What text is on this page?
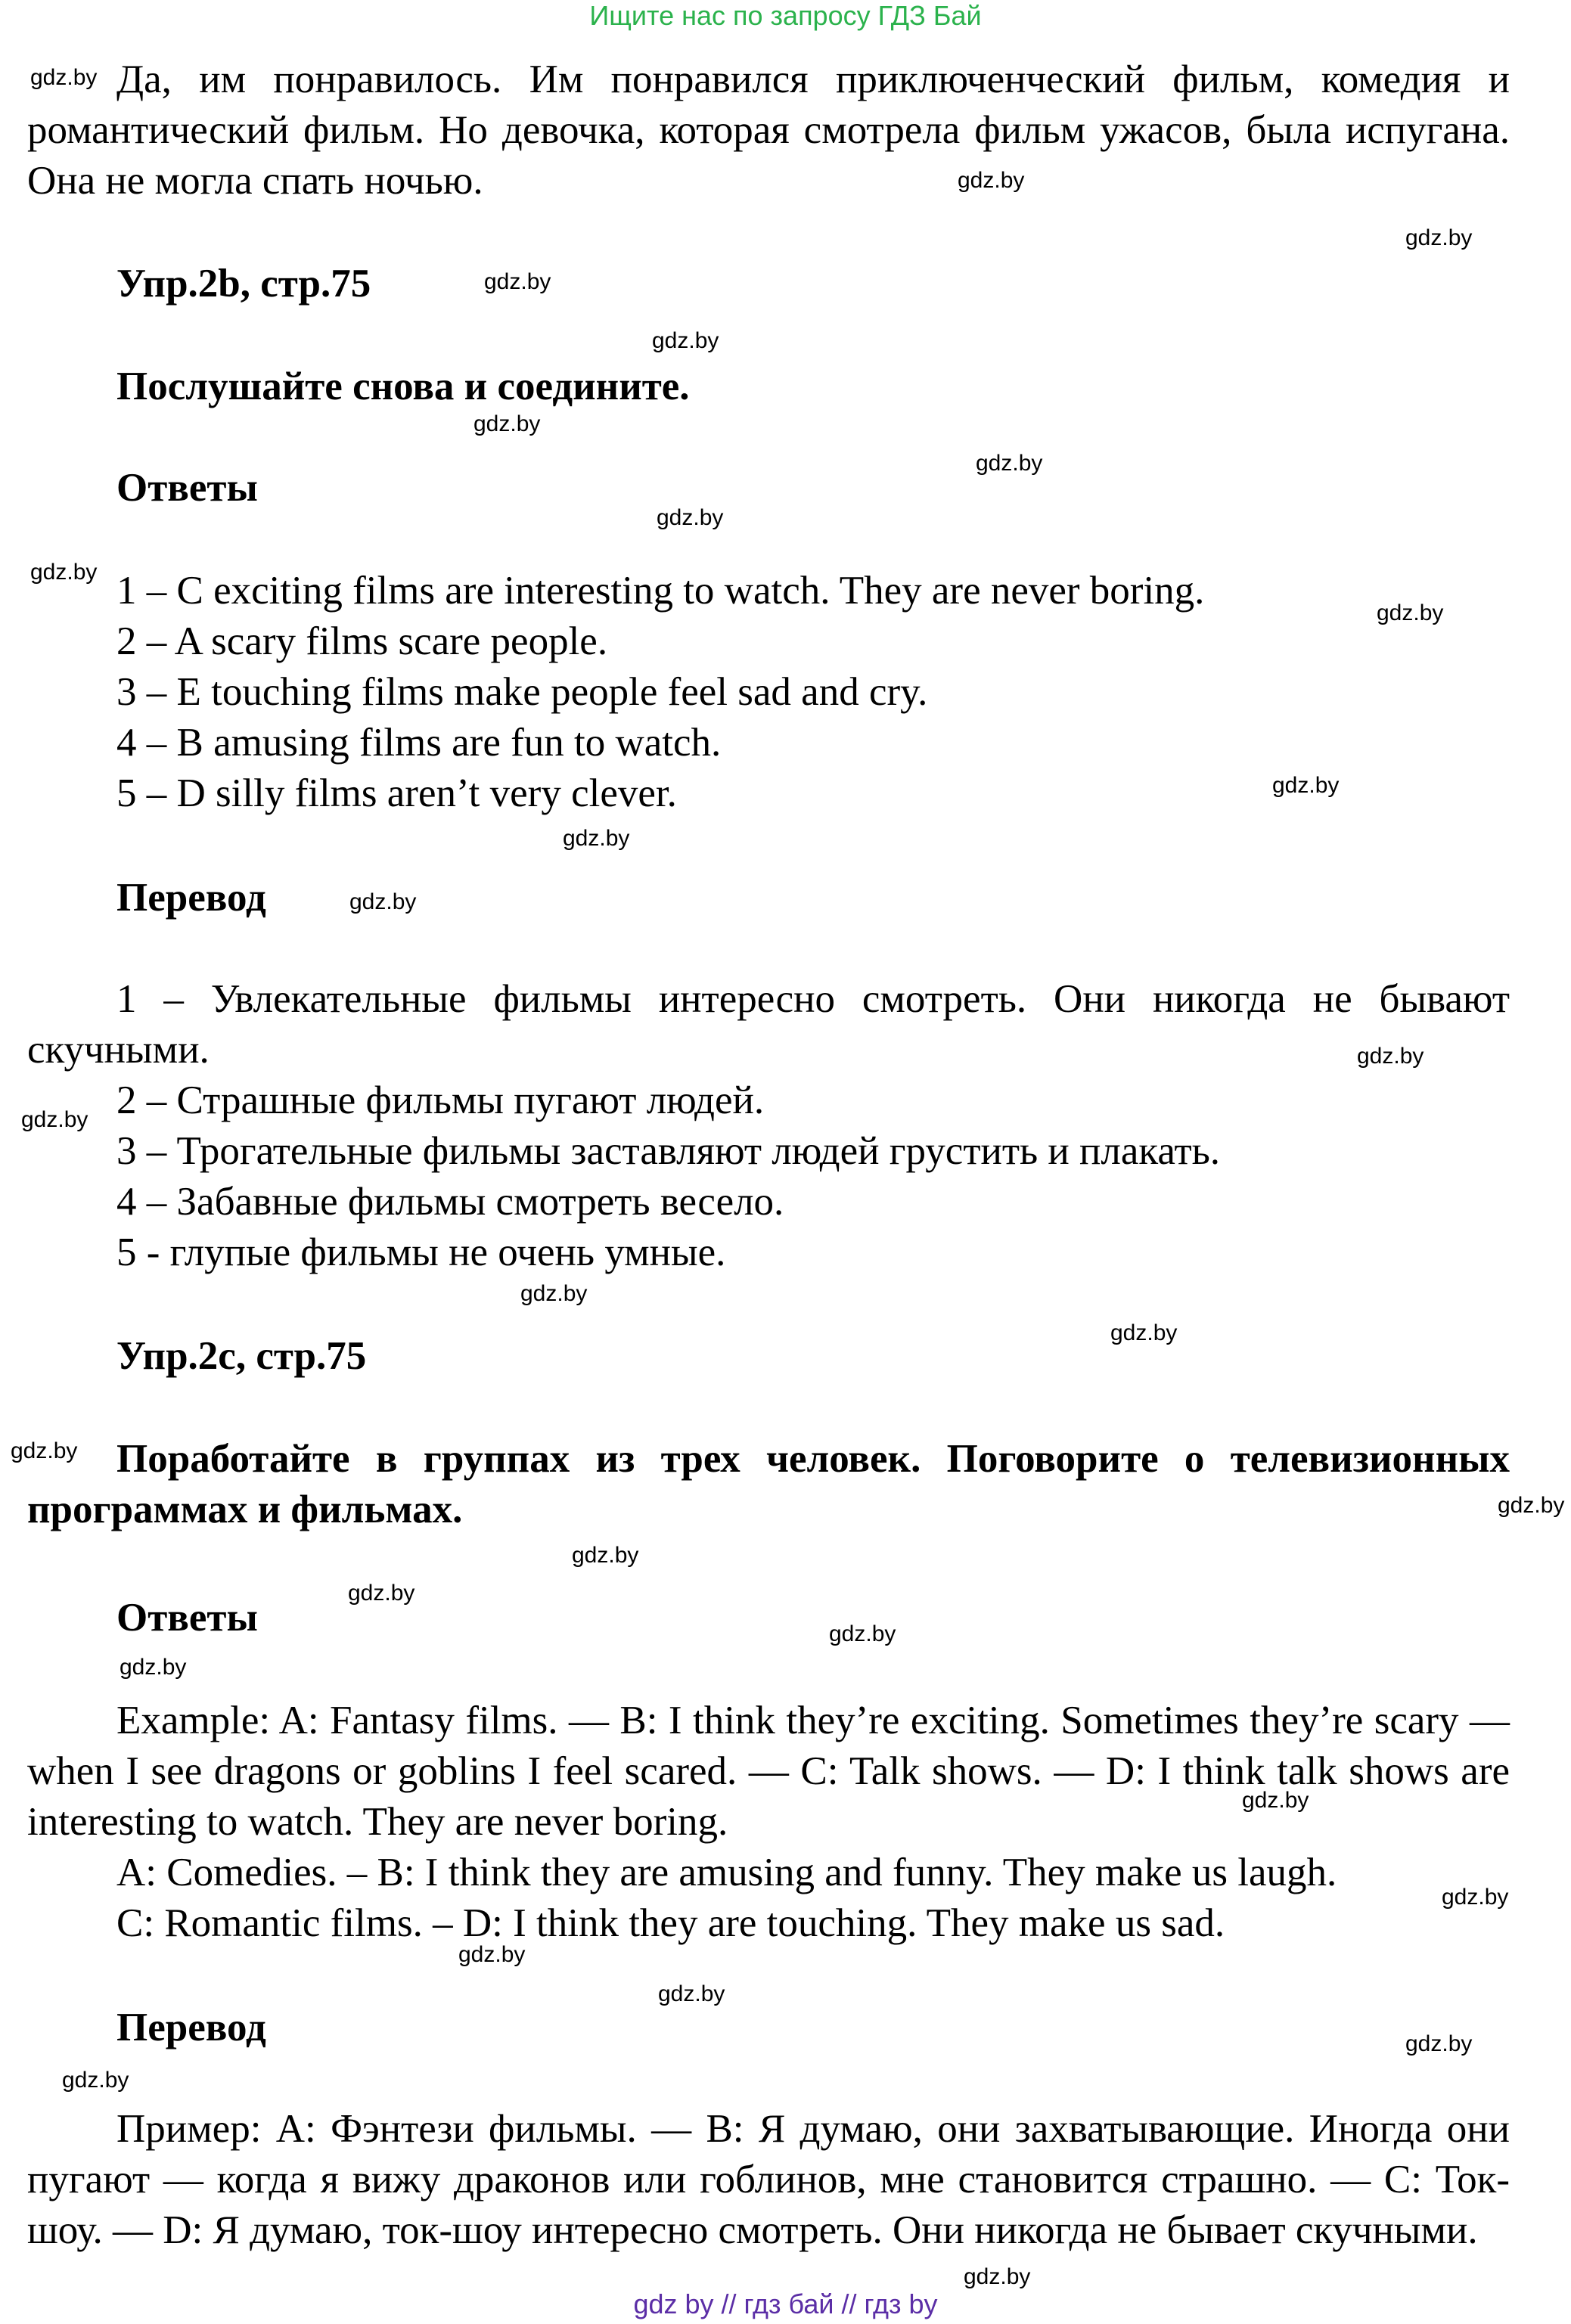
Ищите нас по запросу ГДЗ Бай

Да, им понравилось. Им понравился приключенческий фильм, комедия и романтический фильм. Но девочка, которая смотрела фильм ужасов, была испугана. Она не могла спать ночью.

Упр.2b, стр.75
Послушайте снова и соедините.
Ответы
1 – C exciting films are interesting to watch. They are never boring.
2 – A scary films scare people.
3 – E touching films make people feel sad and cry.
4 – B amusing films are fun to watch.
5 – D silly films aren’t very clever.
Перевод

1 – Увлекательные фильмы интересно смотреть. Они никогда не бывают скучными.

2 – Страшные фильмы пугают людей.
3 – Трогательные фильмы заставляют людей грустить и плакать.
4 – Забавные фильмы смотреть весело.
5 - глупые фильмы не очень умные.
Упр.2c, стр.75

Поработайте в группах из трех человек. Поговорите о телевизионных программах и фильмах.

Ответы

Example: A: Fantasy films. — B: I think they’re exciting. Sometimes they’re scary — when I see dragons or goblins I feel scared. — C: Talk shows. — D: I think talk shows are interesting to watch. They are never boring.

A: Comedies. – B: I think they are amusing and funny. They make us laugh.
C: Romantic films. – D: I think they are touching. They make us sad.
Перевод

Пример: A: Фэнтези фильмы. — B: Я думаю, они захватывающие. Иногда они пугают — когда я вижу драконов или гоблинов, мне становится страшно. — C: Ток-шоу. — D: Я думаю, ток-шоу интересно смотреть. Они никогда не бывает скучными.

gdz by // гдз бай // гдз by
gdz.by
gdz.by
gdz.by
gdz.by
gdz.by
gdz.by
gdz.by
gdz.by
gdz.by
gdz.by
gdz.by
gdz.by
gdz.by
gdz.by
gdz.by
gdz.by
gdz.by
gdz.by
gdz.by
gdz.by
gdz.by
gdz.by
gdz.by
gdz.by
gdz.by
gdz.by
gdz.by
gdz.by
gdz.by
gdz.by
